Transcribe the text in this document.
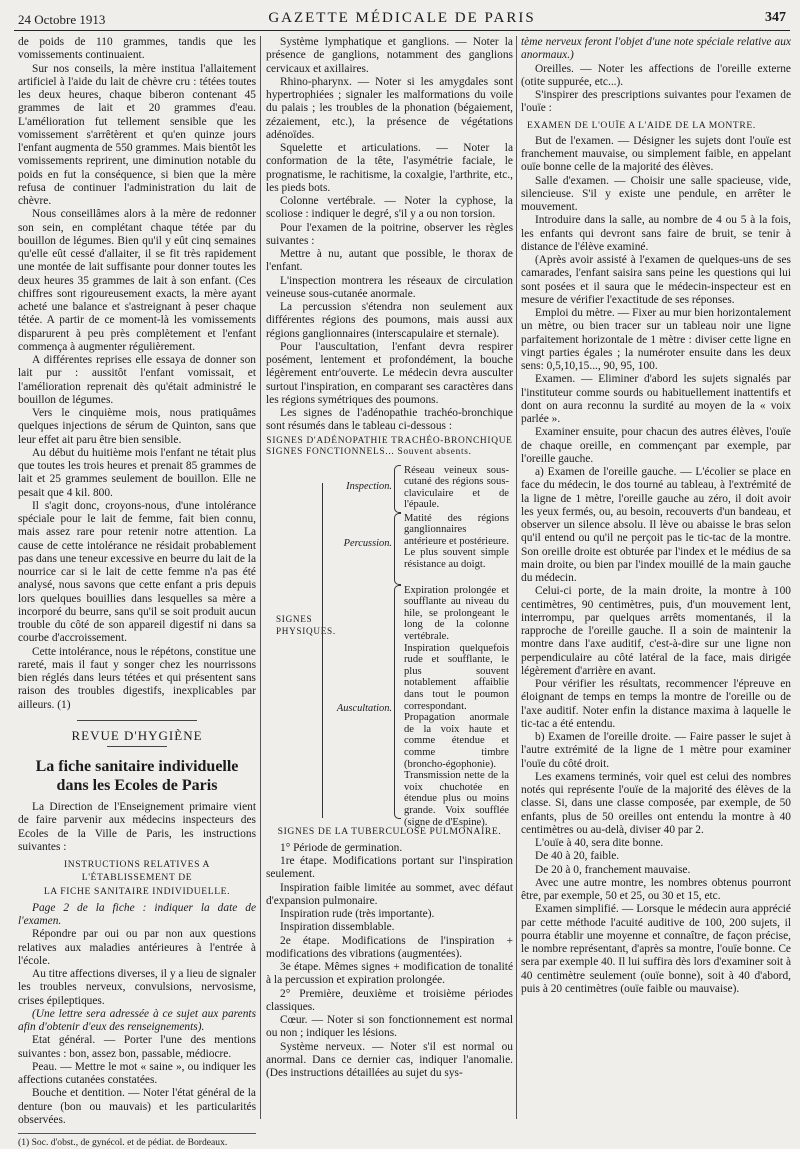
24 Octobre 1913	GAZETTE MÉDICALE DE PARIS	347

de poids de 110 grammes, tandis que les vomissements continuaient.

Sur nos conseils, la mère institua l'allaitement artificiel à l'aide du lait de chèvre cru : tétées toutes les deux heures, chaque biberon contenant 45 grammes de lait et 20 grammes d'eau. L'amélioration fut tellement sensible que les vomissement s'arrêtèrent et qu'en quinze jours l'enfant augmenta de 550 grammes. Mais bientôt les vomissements reprirent, une diminution notable du poids en fut la conséquence, si bien que la mère refusa de continuer l'administration du lait de chèvre.

Nous conseillâmes alors à la mère de redonner son sein, en complétant chaque tétée par du bouillon de légumes. Bien qu'il y eût cinq semaines qu'elle eût cessé d'allaiter, il se fit très rapidement une montée de lait suffisante pour donner toutes les deux heures 35 grammes de lait à son enfant. (Ces chiffres sont rigoureusement exacts, la mère ayant acheté une balance et s'astreignant à peser chaque tétée. A partir de ce moment-là les vomissements disparurent à peu près complètement et l'enfant commença à augmenter régulièrement.

A différentes reprises elle essaya de donner son lait pur : aussitôt l'enfant vomissait, et l'amélioration reprenait dès qu'était administré le bouillon de légumes.

Vers le cinquième mois, nous pratiquâmes quelques injections de sérum de Quinton, sans que leur effet ait paru être bien sensible.

Au début du huitième mois l'enfant ne tétait plus que toutes les trois heures et prenait 85 grammes de lait et 25 grammes seulement de bouillon. Elle ne pesait que 4 kil. 800.

Il s'agit donc, croyons-nous, d'une intolérance spéciale pour le lait de femme, fait bien connu, mais assez rare pour retenir notre attention. La cause de cette intolérance ne résidait probablement pas dans une teneur excessive en beurre du lait de la nourrice car si le lait de cette femme n'a pas été analysé, nous savons que cette enfant a pris depuis lors quelques bouillies dans lesquelles sa mère a incorporé du beurre, sans qu'il se soit produit aucun trouble du côté de son appareil digestif ni dans sa courbe d'accroissement.

Cette intolérance, nous le répétons, constitue une rareté, mais il faut y songer chez les nourrissons bien réglés dans leurs tétées et qui présentent sans raison des troubles digestifs, inexplicables par ailleurs. (1)

REVUE D'HYGIÈNE
La fiche sanitaire individuelle
dans les Ecoles de Paris

La Direction de l'Enseignement primaire vient de faire parvenir aux médecins inspecteurs des Ecoles de la Ville de Paris, les instructions suivantes :

INSTRUCTIONS RELATIVES A L'ÉTABLISSEMENT DE
LA FICHE SANITAIRE INDIVIDUELLE.

Page 2 de la fiche : indiquer la date de l'examen.

Répondre par oui ou par non aux questions relatives aux maladies antérieures à l'entrée à l'école.

Au titre affections diverses, il y a lieu de signaler les troubles nerveux, convulsions, nervosisme, crises épileptiques.

(Une lettre sera adressée à ce sujet aux parents afin d'obtenir d'eux des renseignements).

Etat général. — Porter l'une des mentions suivantes : bon, assez bon, passable, médiocre.

Peau. — Mettre le mot « saine », ou indiquer les affections cutanées constatées.

Bouche et dentition. — Noter l'état général de la denture (bon ou mauvais) et les particularités observées.

(1) Soc. d'obst., de gynécol. et de pédiat. de Bordeaux.

Système lymphatique et ganglions. — Noter la présence de ganglions, notamment des ganglions cervicaux et axillaires.

Rhino-pharynx. — Noter si les amygdales sont hypertrophiées ; signaler les malformations du voile du palais ; les troubles de la phonation (bégaiement, zézaiement, etc.), la présence de végétations adénoïdes.

Squelette et articulations. — Noter la conformation de la tête, l'asymétrie faciale, le prognatisme, le rachitisme, la coxalgie, l'arthrite, etc., les pieds bots.

Colonne vertébrale. — Noter la cyphose, la scoliose : indiquer le degré, s'il y a ou non torsion.

Pour l'examen de la poitrine, observer les règles suivantes :

Mettre à nu, autant que possible, le thorax de l'enfant.

L'inspection montrera les réseaux de circulation veineuse sous-cutanée anormale.

La percussion s'étendra non seulement aux différentes régions des poumons, mais aussi aux régions ganglionnaires (interscapulaire et sternale).

Pour l'auscultation, l'enfant devra respirer posément, lentement et profondément, la bouche légèrement entr'ouverte. Le médecin devra ausculter surtout l'inspiration, en comparant ses caractères dans les régions symétriques des poumons.

Les signes de l'adénopathie trachéo-bronchique sont résumés dans le tableau ci-dessous :

SIGNES D'ADÉNOPATHIE TRACHÉO-BRONCHIQUE
SIGNES FONCTIONNELS... Souvent absents.
SIGNES
PHYSIQUES.
Inspection.
Réseau veineux sous-cutané des régions sous-claviculaire et de l'épaule.
Percussion.
Matité des régions ganglionnaires antérieure et postérieure. Le plus souvent simple résistance au doigt.
Auscultation.
Expiration prolongée et soufflante au niveau du hile, se prolongeant le long de la colonne vertébrale.
Inspiration quelquefois rude et soufflante, le plus souvent notablement affaiblie dans tout le poumon correspondant.
Propagation anormale de la voix haute et comme étendue et comme timbre (broncho-égophonie).
Transmission nette de la voix chuchotée en étendue plus ou moins grande. Voix soufflée (signe de d'Espine).
SIGNES DE LA TUBERCULOSE PULMONAIRE.

1° Période de germination.

1re étape. Modifications portant sur l'inspiration seulement.

Inspiration faible limitée au sommet, avec défaut d'expansion pulmonaire.

Inspiration rude (très importante).

Inspiration dissemblable.

2e étape. Modifications de l'inspiration + modifications des vibrations (augmentées).

3e étape. Mêmes signes + modification de tonalité à la percussion et expiration prolongée.

2° Première, deuxième et troisième périodes classiques.

Cœur. — Noter si son fonctionnement est normal ou non ; indiquer les lésions.

Système nerveux. — Noter s'il est normal ou anormal. Dans ce dernier cas, indiquer l'anomalie. (Des instructions détaillées au sujet du sys-

tème nerveux feront l'objet d'une note spéciale relative aux anormaux.)

Oreilles. — Noter les affections de l'oreille externe (otite suppurée, etc...).

S'inspirer des prescriptions suivantes pour l'examen de l'ouïe :

EXAMEN DE L'OUÏE A L'AIDE DE LA MONTRE.

But de l'examen. — Désigner les sujets dont l'ouïe est franchement mauvaise, ou simplement faible, en appelant ouïe bonne celle de la majorité des élèves.

Salle d'examen. — Choisir une salle spacieuse, vide, silencieuse. S'il y existe une pendule, en arrêter le mouvement.

Introduire dans la salle, au nombre de 4 ou 5 à la fois, les enfants qui devront sans faire de bruit, se tenir à distance de l'élève examiné.

(Après avoir assisté à l'examen de quelques-uns de ses camarades, l'enfant saisira sans peine les questions qui lui sont posées et il saura que le médecin-inspecteur est en mesure de vérifier l'exactitude de ses réponses.

Emploi du mètre. — Fixer au mur bien horizontalement un mètre, ou bien tracer sur un tableau noir une ligne parfaitement horizontale de 1 mètre : diviser cette ligne en vingt parties égales ; la numéroter ensuite dans les deux sens: 0,5,10,15..., 90, 95, 100.

Examen. — Eliminer d'abord les sujets signalés par l'instituteur comme sourds ou habituellement inattentifs et dont on aura reconnu la surdité au moyen de la « voix parlée ».

Examiner ensuite, pour chacun des autres élèves, l'ouïe de chaque oreille, en commençant par exemple, par l'oreille gauche.

a) Examen de l'oreille gauche. — L'écolier se place en face du médecin, le dos tourné au tableau, à l'extrémité de la ligne de 1 mètre, l'oreille gauche au zéro, il doit avoir les yeux fermés, ou, au besoin, recouverts d'un bandeau, et observer un silence absolu. Il lève ou abaisse le bras selon qu'il entend ou qu'il ne perçoit pas le tic-tac de la montre. Son oreille droite est obturée par l'index et le médius de sa main droite, ou bien par l'index mouillé de la main gauche du médecin.

Celui-ci porte, de la main droite, la montre à 100 centimètres, 90 centimètres, puis, d'un mouvement lent, interrompu, par quelques arrêts momentanés, il la rapproche de l'oreille gauche. Il a soin de maintenir la montre dans l'axe auditif, c'est-à-dire sur une ligne non perpendiculaire au côté latéral de la face, mais dirigée légèrement d'arrière en avant.

Pour vérifier les résultats, recommencer l'épreuve en éloignant de temps en temps la montre de l'oreille ou de l'axe auditif. Noter enfin la distance maxima à laquelle le tic-tac a été entendu.

b) Examen de l'oreille droite. — Faire passer le sujet à l'autre extrémité de la ligne de 1 mètre pour examiner l'ouïe du côté droit.

Les examens terminés, voir quel est celui des nombres notés qui représente l'ouïe de la majorité des élèves de la classe. Si, dans une classe composée, par exemple, de 50 enfants, plus de 50 oreilles ont entendu la montre à 40 centimètres ou au-delà, diviser 40 par 2.

L'ouïe à 40, sera dite bonne.

De 40 à 20, faible.

De 20 à 0, franchement mauvaise.

Avec une autre montre, les nombres obtenus pourront être, par exemple, 50 et 25, ou 30 et 15, etc.

Examen simplifié. — Lorsque le médecin aura apprécié par cette méthode l'acuité auditive de 100, 200 sujets, il pourra établir une moyenne et connaître, de façon précise, le nombre représentant, d'après sa montre, l'ouïe bonne. Ce sera par exemple 40. Il lui suffira dès lors d'examiner soit à 40 centimètre seulement (ouïe bonne), soit à 40 d'abord, puis à 20 centimètres (ouïe faible ou mauvaise).
